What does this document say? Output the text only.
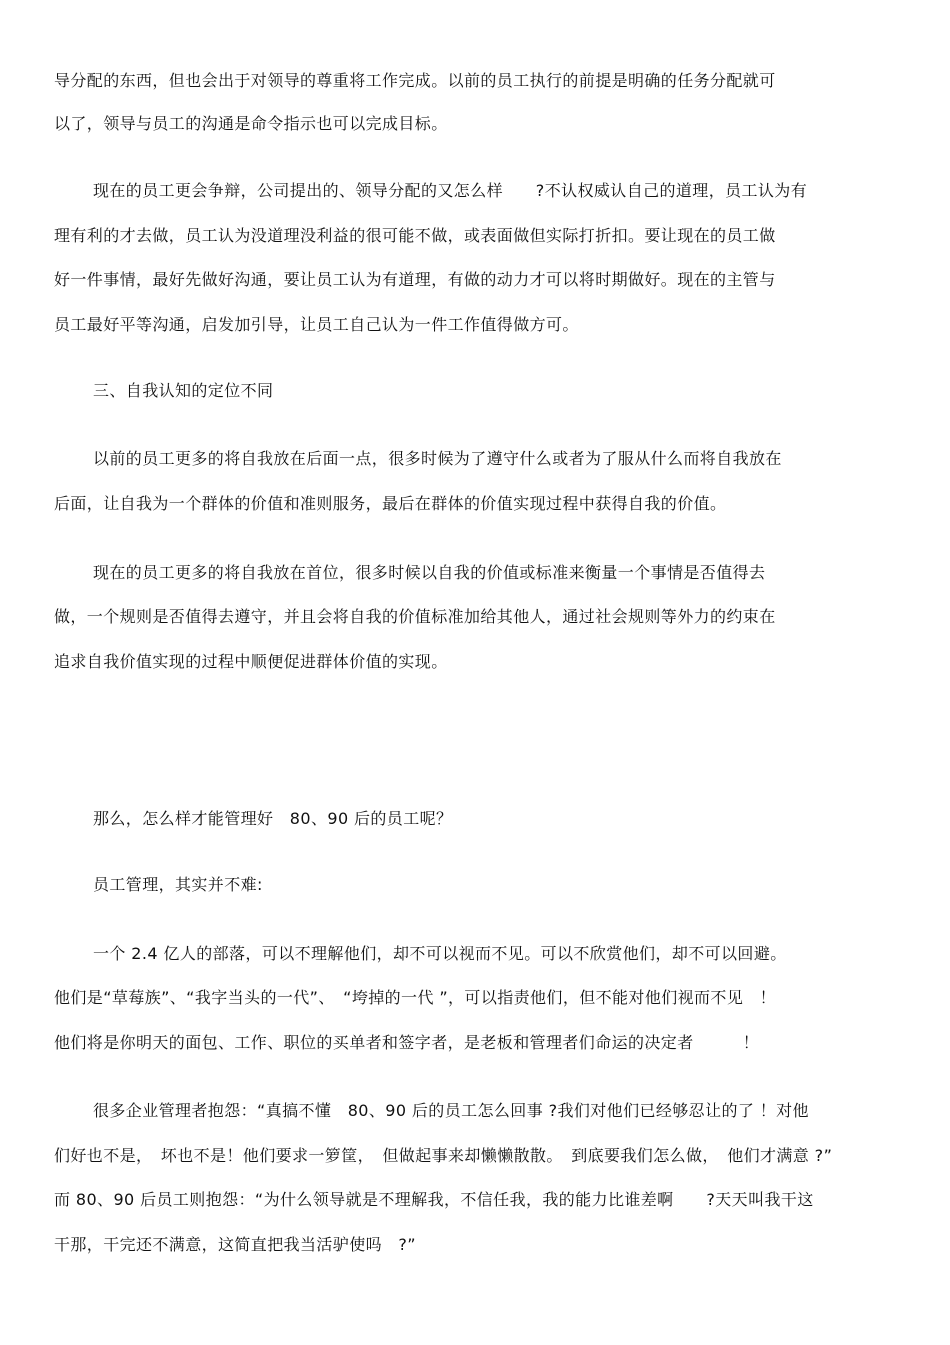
导分配的东西，但也会出于对领导的尊重将工作完成。以前的员工执行的前提是明确的任务分配就可
以了，领导与员工的沟通是命令指示也可以完成目标。
现在的员工更会争辩，公司提出的、领导分配的又怎么样　　?不认权威认自己的道理，员工认为有
理有利的才去做，员工认为没道理没利益的很可能不做，或表面做但实际打折扣。要让现在的员工做
好一件事情，最好先做好沟通，要让员工认为有道理，有做的动力才可以将时期做好。现在的主管与
员工最好平等沟通，启发加引导，让员工自己认为一件工作值得做方可。
三、自我认知的定位不同
以前的员工更多的将自我放在后面一点，很多时候为了遵守什么或者为了服从什么而将自我放在
后面，让自我为一个群体的价值和准则服务，最后在群体的价值实现过程中获得自我的价值。
现在的员工更多的将自我放在首位，很多时候以自我的价值或标准来衡量一个事情是否值得去
做，一个规则是否值得去遵守，并且会将自我的价值标准加给其他人，通过社会规则等外力的约束在
追求自我价值实现的过程中顺便促进群体价值的实现。
那么，怎么样才能管理好　80、90 后的员工呢？
员工管理，其实并不难:
一个 2.4 亿人的部落，可以不理解他们，却不可以视而不见。可以不欣赏他们，却不可以回避。
他们是“草莓族”、“我字当头的一代”、　“垮掉的一代 ”，可以指责他们，但不能对他们视而不见　！
他们将是你明天的面包、工作、职位的买单者和签字者，是老板和管理者们命运的决定者　　　！
很多企业管理者抱怨：“真搞不懂　80、90 后的员工怎么回事 ?我们对他们已经够忍让的了 ！对他
们好也不是，　坏也不是！他们要求一箩筐，　但做起事来却懒懒散散。　到底要我们怎么做，　他们才满意 ?”
而 80、90 后员工则抱怨：“为什么领导就是不理解我，不信任我，我的能力比谁差啊　　?天天叫我干这
干那，干完还不满意，这简直把我当活驴使吗　?”
